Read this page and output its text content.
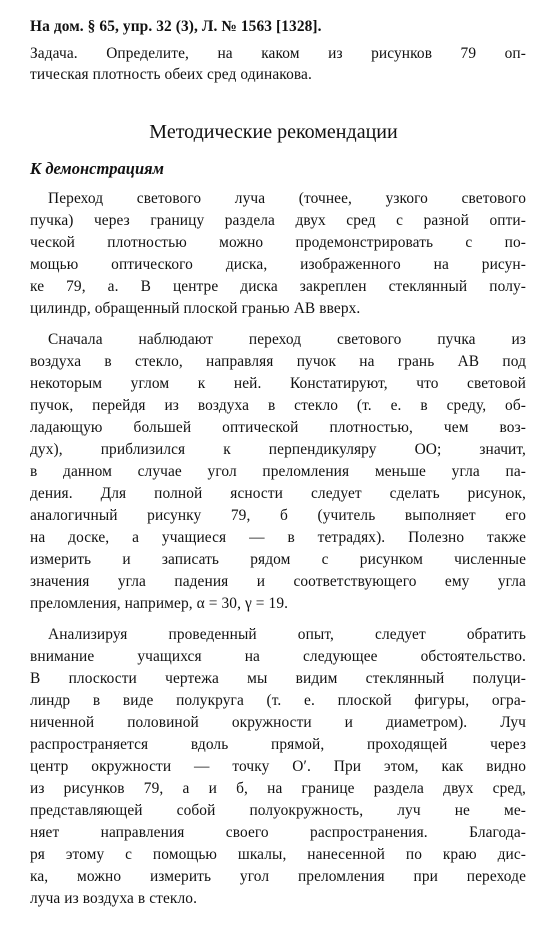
На дом. § 65, упр. 32 (3), Л. № 1563 [1328].
Задача. Определите, на каком из рисунков 79 оп-
тическая плотность обеих сред одинакова.
Методические рекомендации
К демонстрациям
Переход светового луча (точнее, узкого светового
пучка) через границу раздела двух сред с разной опти-
ческой плотностью можно продемонстрировать с по-
мощью оптического диска, изображенного на рисун-
ке 79, а. В центре диска закреплен стеклянный полу-
цилиндр, обращенный плоской гранью AB вверх.
Сначала наблюдают переход светового пучка из
воздуха в стекло, направляя пучок на грань AB под
некоторым углом к ней. Констатируют, что световой
пучок, перейдя из воздуха в стекло (т. е. в среду, об-
ладающую большей оптической плотностью, чем воз-
дух), приблизился к перпендикуляру OO; значит,
в данном случае угол преломления меньше угла па-
дения. Для полной ясности следует сделать рисунок,
аналогичный рисунку 79, б (учитель выполняет его
на доске, а учащиеся — в тетрадях). Полезно также
измерить и записать рядом с рисунком численные
значения угла падения и соответствующего ему угла
преломления, например, α = 30, γ = 19.
Анализируя проведенный опыт, следует обратить
внимание учащихся на следующее обстоятельство.
В плоскости чертежа мы видим стеклянный полуци-
линдр в виде полукруга (т. е. плоской фигуры, огра-
ниченной половиной окружности и диаметром). Луч
распространяется вдоль прямой, проходящей через
центр окружности — точку O′. При этом, как видно
из рисунков 79, а и б, на границе раздела двух сред,
представляющей собой полуокружность, луч не ме-
няет направления своего распространения. Благода-
ря этому с помощью шкалы, нанесенной по краю дис-
ка, можно измерить угол преломления при переходе
луча из воздуха в стекло.
